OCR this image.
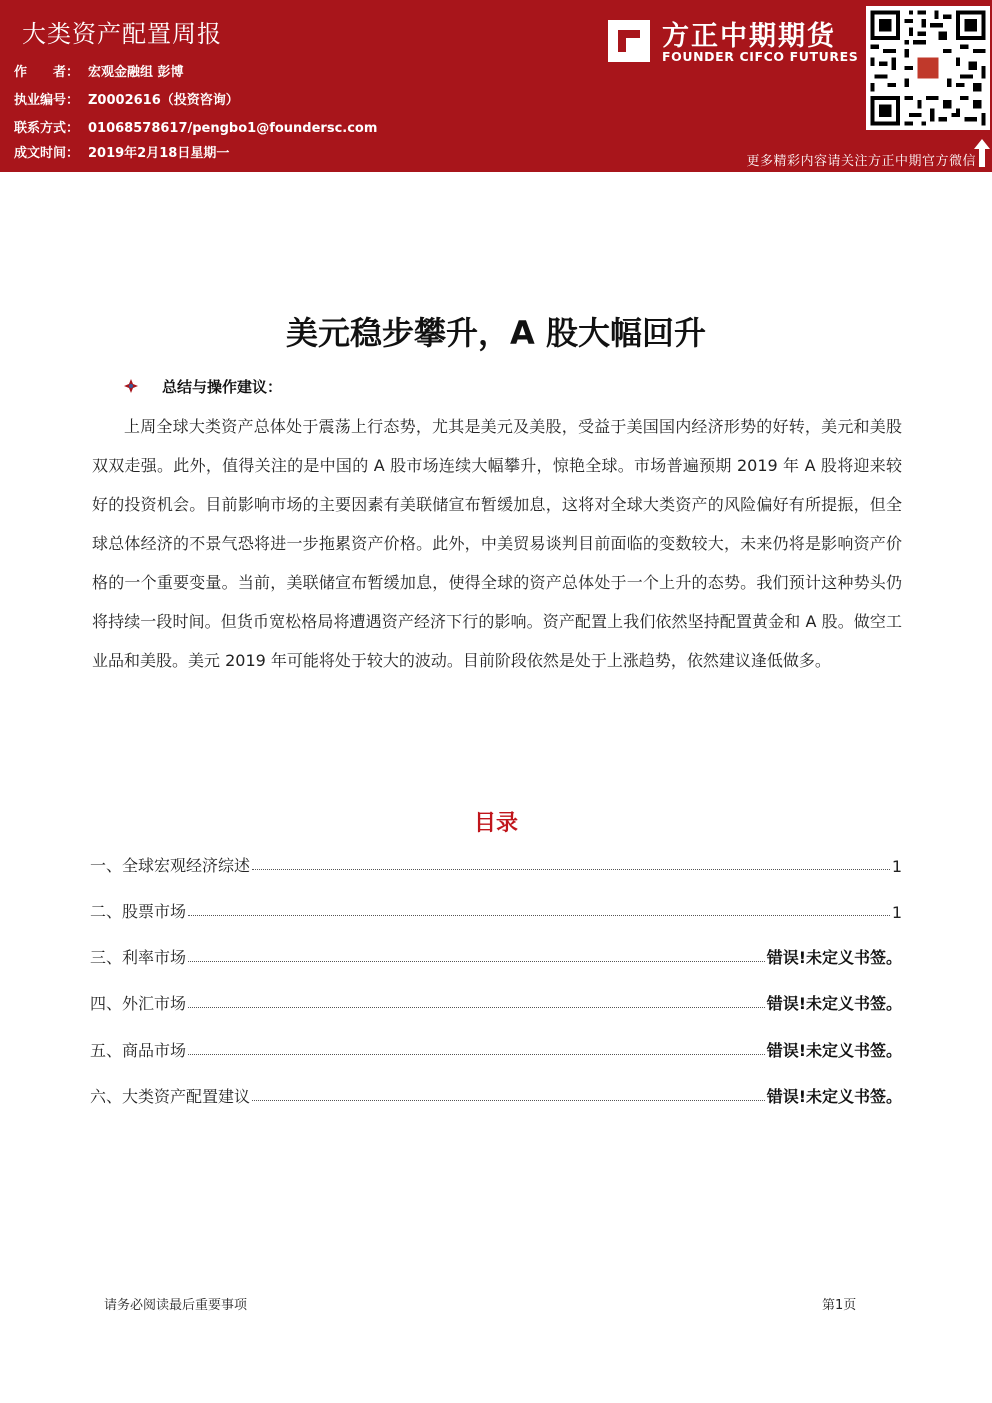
大类资产配置周报
作　　者： 宏观金融组 彭博
执业编号： Z0002616（投资咨询）
联系方式： 01068578617/pengbo1@foundersc.com
成文时间： 2019年2月18日星期一
方正中期期货
FOUNDER CIFCO FUTURES
更多精彩内容请关注方正中期官方微信
美元稳步攀升，A 股大幅回升
总结与操作建议：
上周全球大类资产总体处于震荡上行态势，尤其是美元及美股，受益于美国国内经济形势的好转，美元和美股双双走强。此外，值得关注的是中国的 A 股市场连续大幅攀升，惊艳全球。市场普遍预期 2019 年 A 股将迎来较好的投资机会。目前影响市场的主要因素有美联储宣布暂缓加息，这将对全球大类资产的风险偏好有所提振，但全球总体经济的不景气恐将进一步拖累资产价格。此外，中美贸易谈判目前面临的变数较大，未来仍将是影响资产价格的一个重要变量。当前，美联储宣布暂缓加息，使得全球的资产总体处于一个上升的态势。我们预计这种势头仍将持续一段时间。但货币宽松格局将遭遇资产经济下行的影响。资产配置上我们依然坚持配置黄金和 A 股。做空工业品和美股。美元 2019 年可能将处于较大的波动。目前阶段依然是处于上涨趋势，依然建议逢低做多。
目录
一、全球宏观经济综述	1
二、股票市场	1
三、利率市场	错误!未定义书签。
四、外汇市场	错误!未定义书签。
五、商品市场	错误!未定义书签。
六、大类资产配置建议	错误!未定义书签。
请务必阅读最后重要事项	第1页
